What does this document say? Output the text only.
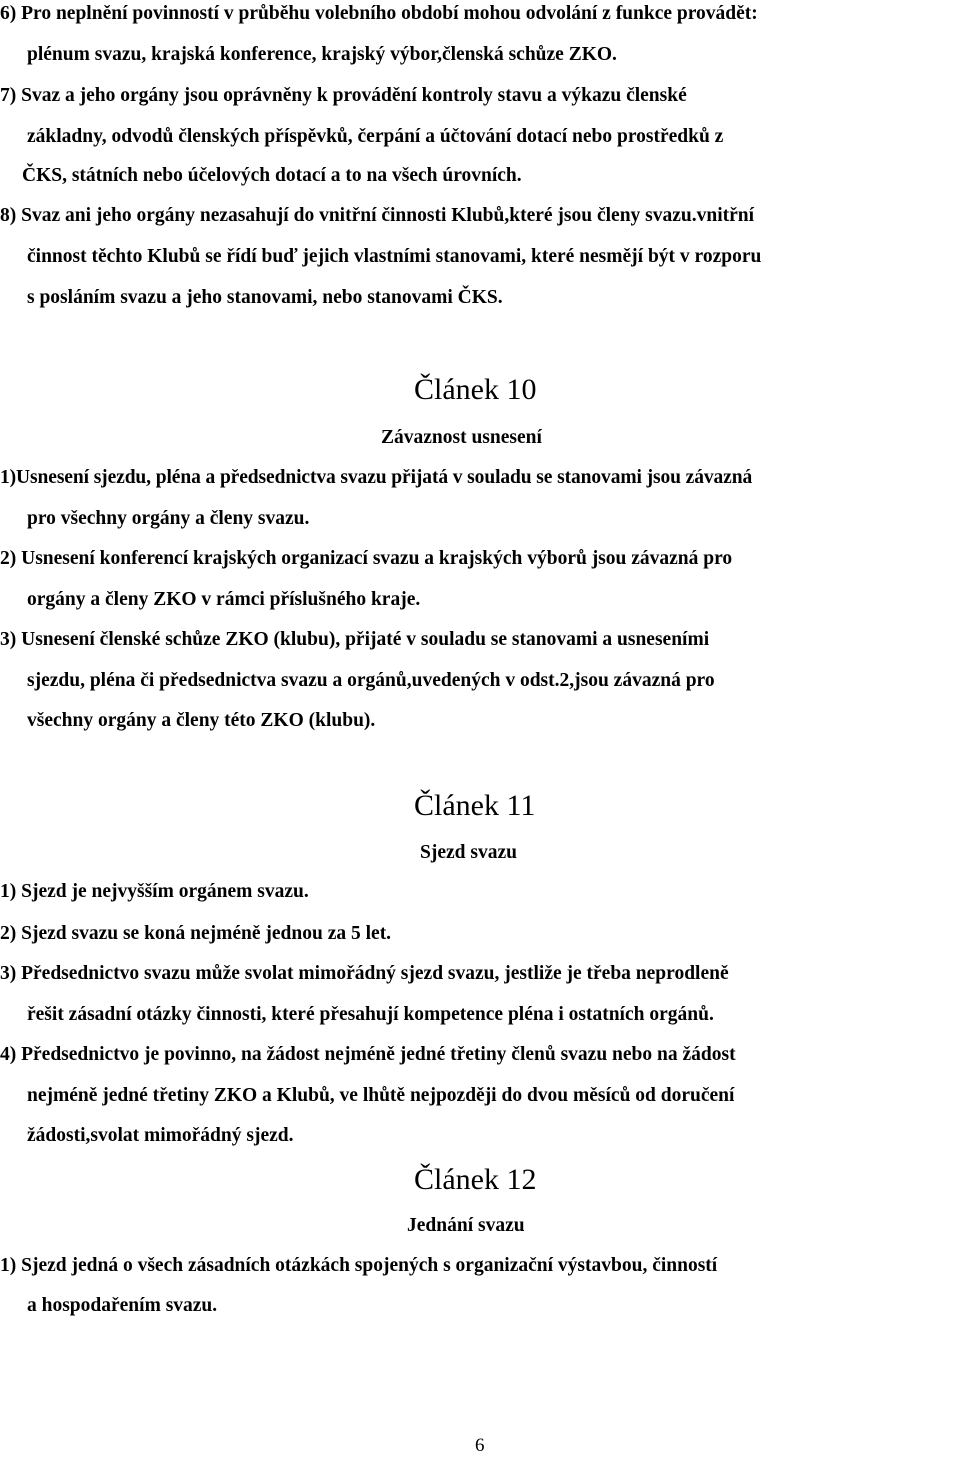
6) Pro neplnění povinností v průběhu volebního období mohou odvolání z funkce provádět:
plénum svazu, krajská konference, krajský výbor,členská schůze ZKO.
7) Svaz a jeho orgány jsou oprávněny k provádění kontroly stavu a výkazu členské
základny, odvodů členských příspěvků, čerpání a účtování dotací nebo prostředků z
ČKS, státních nebo účelových dotací a to na všech úrovních.
8) Svaz ani jeho orgány nezasahují do vnitřní činnosti Klubů,které jsou členy svazu.vnitřní
činnost těchto Klubů se řídí buď jejich vlastními stanovami, které nesmějí být v rozporu
s posláním svazu a jeho stanovami, nebo stanovami ČKS.
Článek 10
Závaznost usnesení
1)Usnesení sjezdu, pléna a předsednictva svazu přijatá v souladu se stanovami jsou závazná
pro všechny orgány a členy svazu.
2) Usnesení konferencí krajských organizací svazu a krajských výborů jsou závazná pro
orgány a členy ZKO v rámci příslušného kraje.
3) Usnesení členské schůze ZKO (klubu), přijaté v souladu se stanovami a usneseními
sjezdu, pléna či předsednictva svazu a orgánů,uvedených v odst.2,jsou závazná pro
všechny orgány a členy této ZKO (klubu).
Článek 11
Sjezd svazu
1) Sjezd je nejvyšším orgánem svazu.
2) Sjezd svazu se koná nejméně jednou za 5 let.
3) Předsednictvo svazu může svolat mimořádný sjezd svazu, jestliže je třeba neprodleně
řešit zásadní otázky činnosti, které přesahují kompetence pléna i ostatních orgánů.
4) Předsednictvo je povinno, na žádost nejméně jedné třetiny členů svazu nebo na žádost
nejméně jedné třetiny ZKO a Klubů, ve lhůtě nejpozději do dvou měsíců od doručení
žádosti,svolat mimořádný sjezd.
Článek 12
Jednání svazu
1) Sjezd jedná o všech zásadních otázkách spojených s organizační výstavbou, činností
a hospodařením svazu.
6
